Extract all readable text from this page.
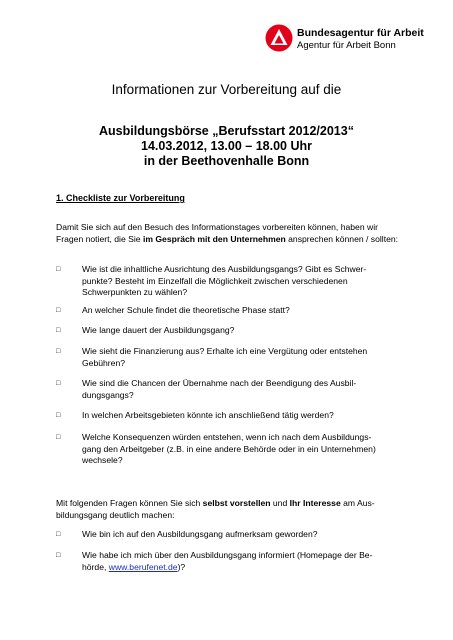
Bundesagentur für Arbeit
Agentur für Arbeit Bonn
Informationen zur Vorbereitung auf die
Ausbildungsbörse „Berufsstart 2012/2013“
14.03.2012, 13.00 – 18.00 Uhr
in der Beethovenhalle Bonn
1. Checkliste zur Vorbereitung
Damit Sie sich auf den Besuch des Informationstages vorbereiten können, haben wir Fragen notiert, die Sie im Gespräch mit den Unternehmen ansprechen können / sollten:
□	Wie ist die inhaltliche Ausrichtung des Ausbildungsgangs? Gibt es Schwer-
punkte? Besteht im Einzelfall die Möglichkeit zwischen verschiedenen
Schwerpunkten zu wählen?
□	An welcher Schule findet die theoretische Phase statt?
□	Wie lange dauert der Ausbildungsgang?
□	Wie sieht die Finanzierung aus? Erhalte ich eine Vergütung oder entstehen
Gebühren?
□	Wie sind die Chancen der Übernahme nach der Beendigung des Ausbil-
dungsgangs?
□	In welchen Arbeitsgebieten könnte ich anschließend tätig werden?
□	Welche Konsequenzen würden entstehen, wenn ich nach dem Ausbildungs-
gang den Arbeitgeber (z.B. in eine andere Behörde oder in ein Unternehmen)
wechsele?
Mit folgenden Fragen können Sie sich selbst vorstellen und Ihr Interesse am Aus-
bildungsgang deutlich machen:
□	Wie bin ich auf den Ausbildungsgang aufmerksam geworden?
□	Wie habe ich mich über den Ausbildungsgang informiert (Homepage der Be-
hörde, www.berufenet.de)?
